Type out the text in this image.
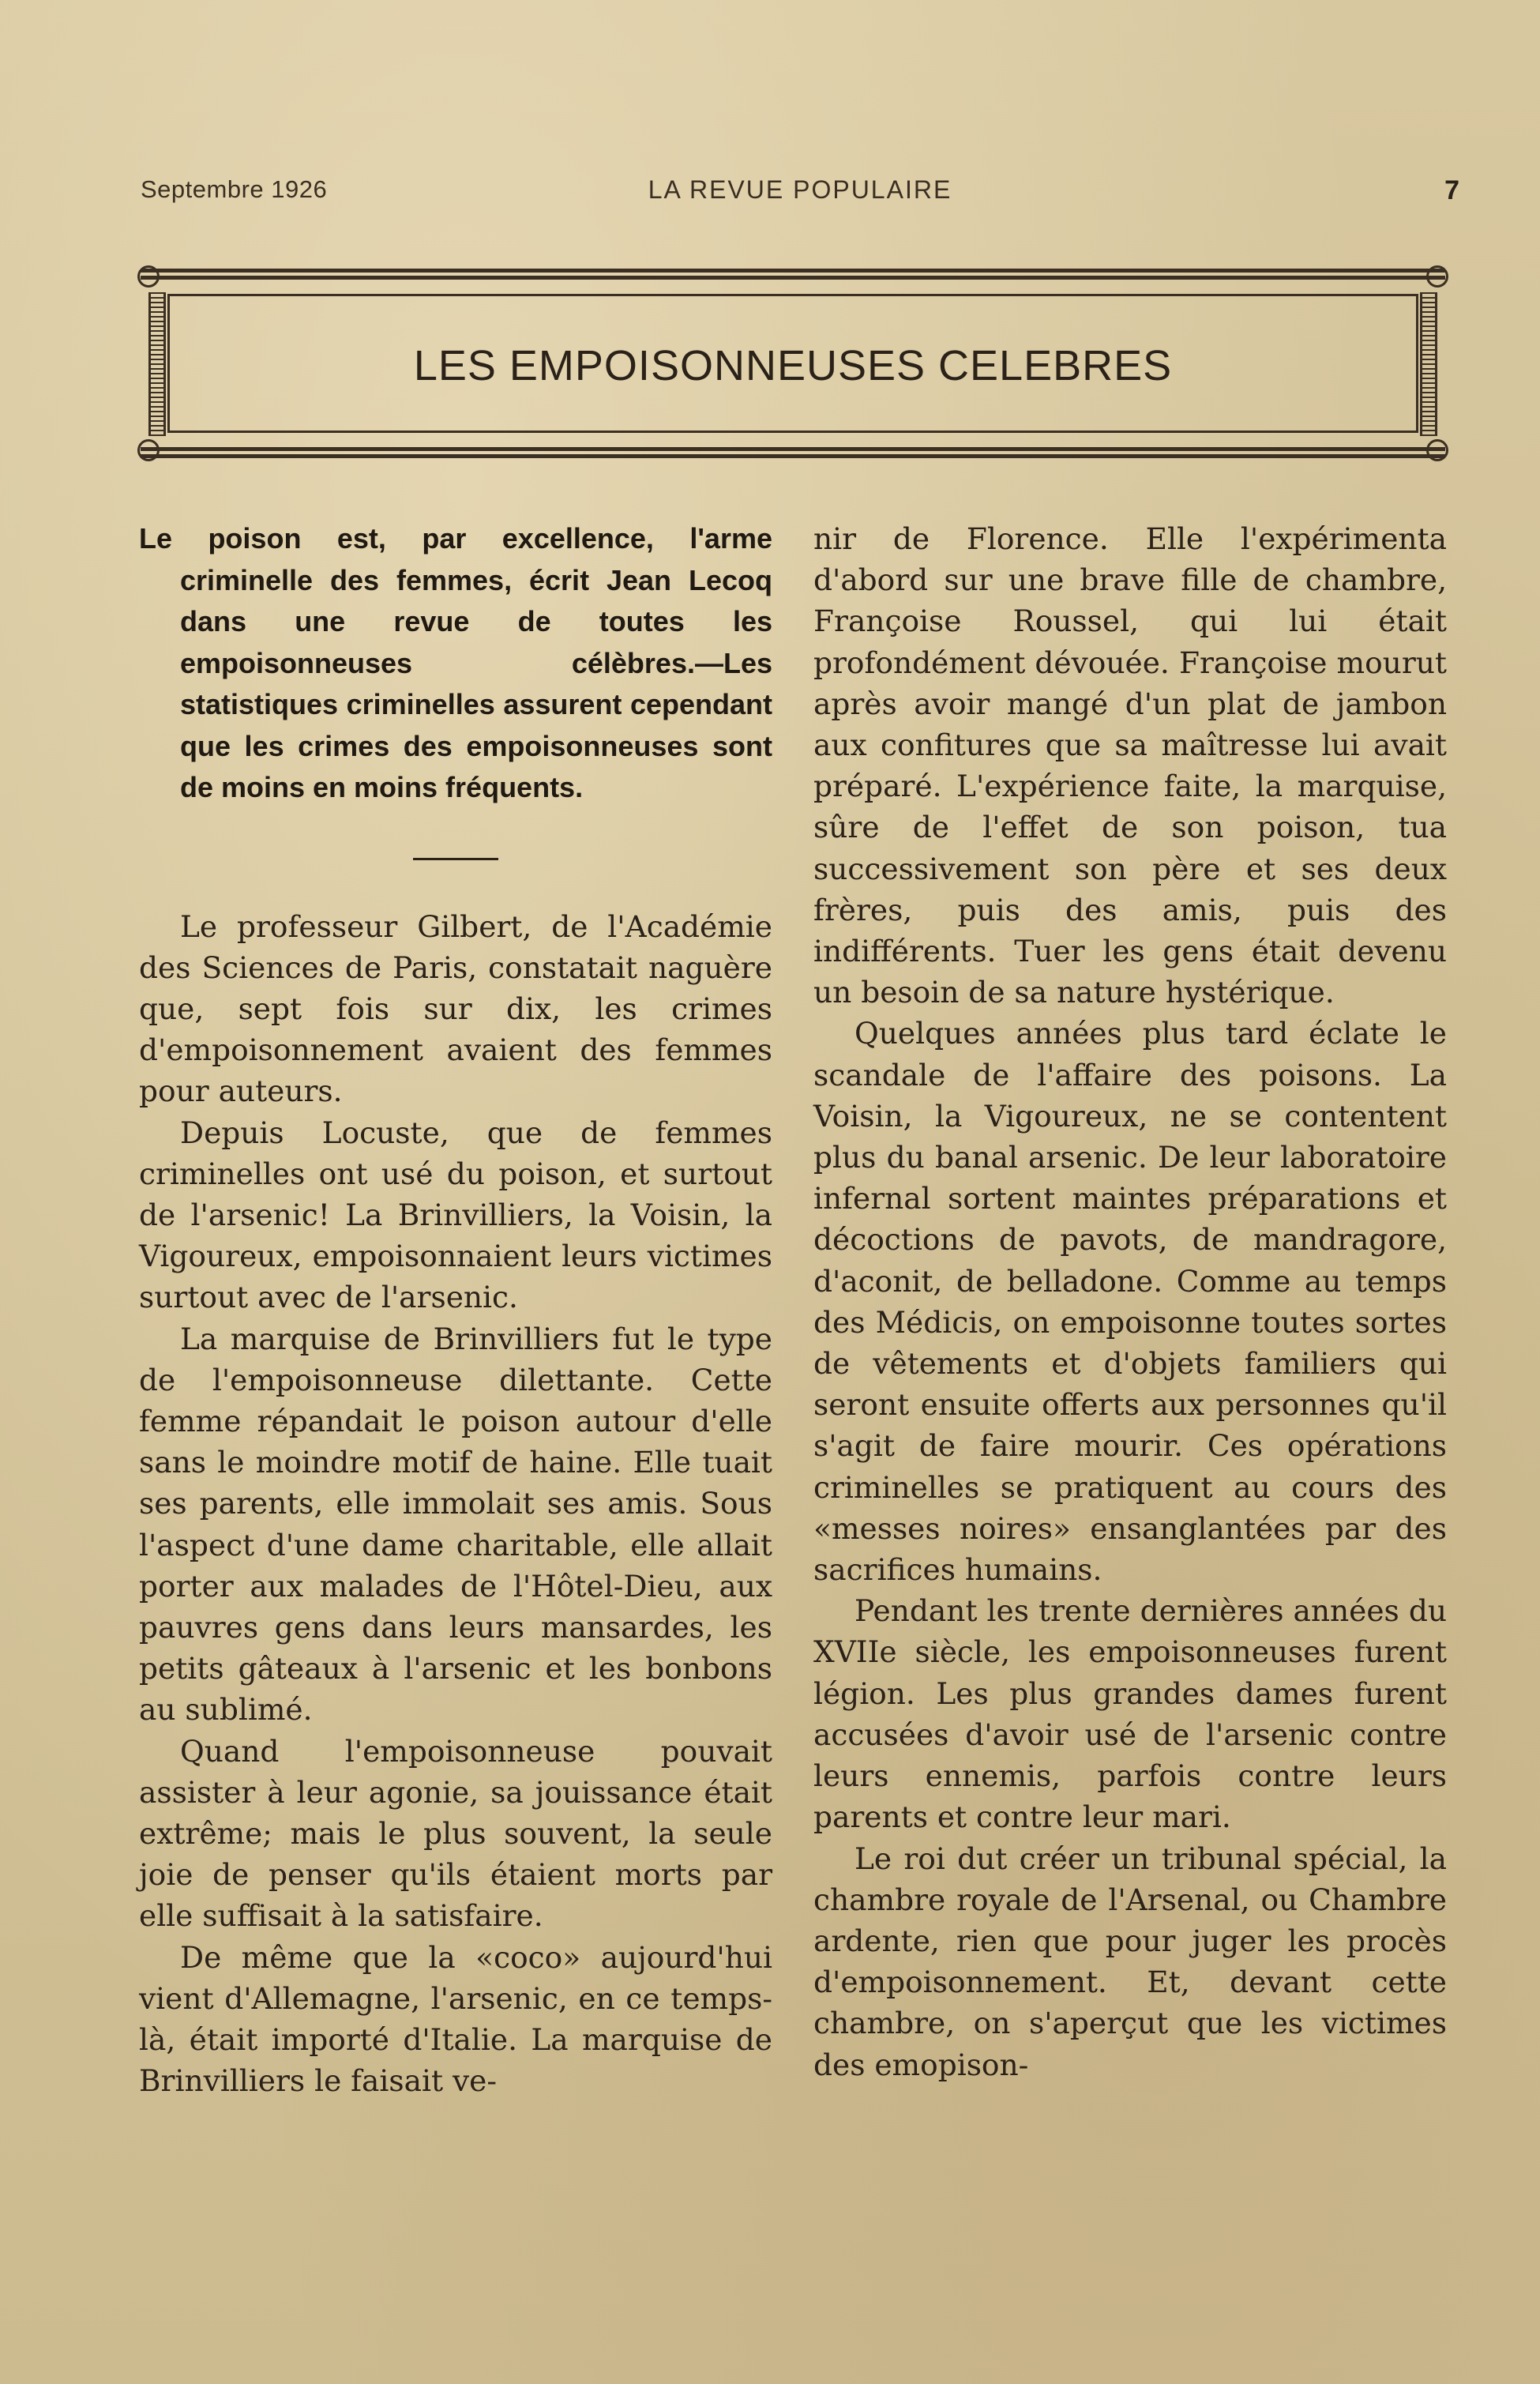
Septembre 1926	LA REVUE POPULAIRE	7
LES EMPOISONNEUSES CELEBRES

Le poison est, par excellence, l'arme criminelle des femmes, écrit Jean Lecoq dans une revue de toutes les empoisonneuses célèbres.—Les statistiques criminelles assurent cependant que les crimes des empoisonneuses sont de moins en moins fréquents.

Le professeur Gilbert, de l'Académie des Sciences de Paris, constatait naguère que, sept fois sur dix, les crimes d'empoisonnement avaient des femmes pour auteurs.

Depuis Locuste, que de femmes criminelles ont usé du poison, et surtout de l'arsenic! La Brinvilliers, la Voisin, la Vigoureux, empoisonnaient leurs victimes surtout avec de l'arsenic.

La marquise de Brinvilliers fut le type de l'empoisonneuse dilettante. Cette femme répandait le poison autour d'elle sans le moindre motif de haine. Elle tuait ses parents, elle immolait ses amis. Sous l'aspect d'une dame charitable, elle allait porter aux malades de l'Hôtel-Dieu, aux pauvres gens dans leurs mansardes, les petits gâteaux à l'arsenic et les bonbons au sublimé.

Quand l'empoisonneuse pouvait assister à leur agonie, sa jouissance était extrême; mais le plus souvent, la seule joie de penser qu'ils étaient morts par elle suffisait à la satisfaire.

De même que la «coco» aujourd'hui vient d'Allemagne, l'arsenic, en ce temps-là, était importé d'Italie. La marquise de Brinvilliers le faisait ve-

nir de Florence. Elle l'expérimenta d'abord sur une brave fille de chambre, Françoise Roussel, qui lui était profondément dévouée. Françoise mourut après avoir mangé d'un plat de jambon aux confitures que sa maîtresse lui avait préparé. L'expérience faite, la marquise, sûre de l'effet de son poison, tua successivement son père et ses deux frères, puis des amis, puis des indifférents. Tuer les gens était devenu un besoin de sa nature hystérique.

Quelques années plus tard éclate le scandale de l'affaire des poisons. La Voisin, la Vigoureux, ne se contentent plus du banal arsenic. De leur laboratoire infernal sortent maintes préparations et décoctions de pavots, de mandragore, d'aconit, de belladone. Comme au temps des Médicis, on empoisonne toutes sortes de vêtements et d'objets familiers qui seront ensuite offerts aux personnes qu'il s'agit de faire mourir. Ces opérations criminelles se pratiquent au cours des «messes noires» ensanglantées par des sacrifices humains.

Pendant les trente dernières années du XVIIe siècle, les empoisonneuses furent légion. Les plus grandes dames furent accusées d'avoir usé de l'arsenic contre leurs ennemis, parfois contre leurs parents et contre leur mari.

Le roi dut créer un tribunal spécial, la chambre royale de l'Arsenal, ou Chambre ardente, rien que pour juger les procès d'empoisonnement. Et, devant cette chambre, on s'aperçut que les victimes des emopison-
